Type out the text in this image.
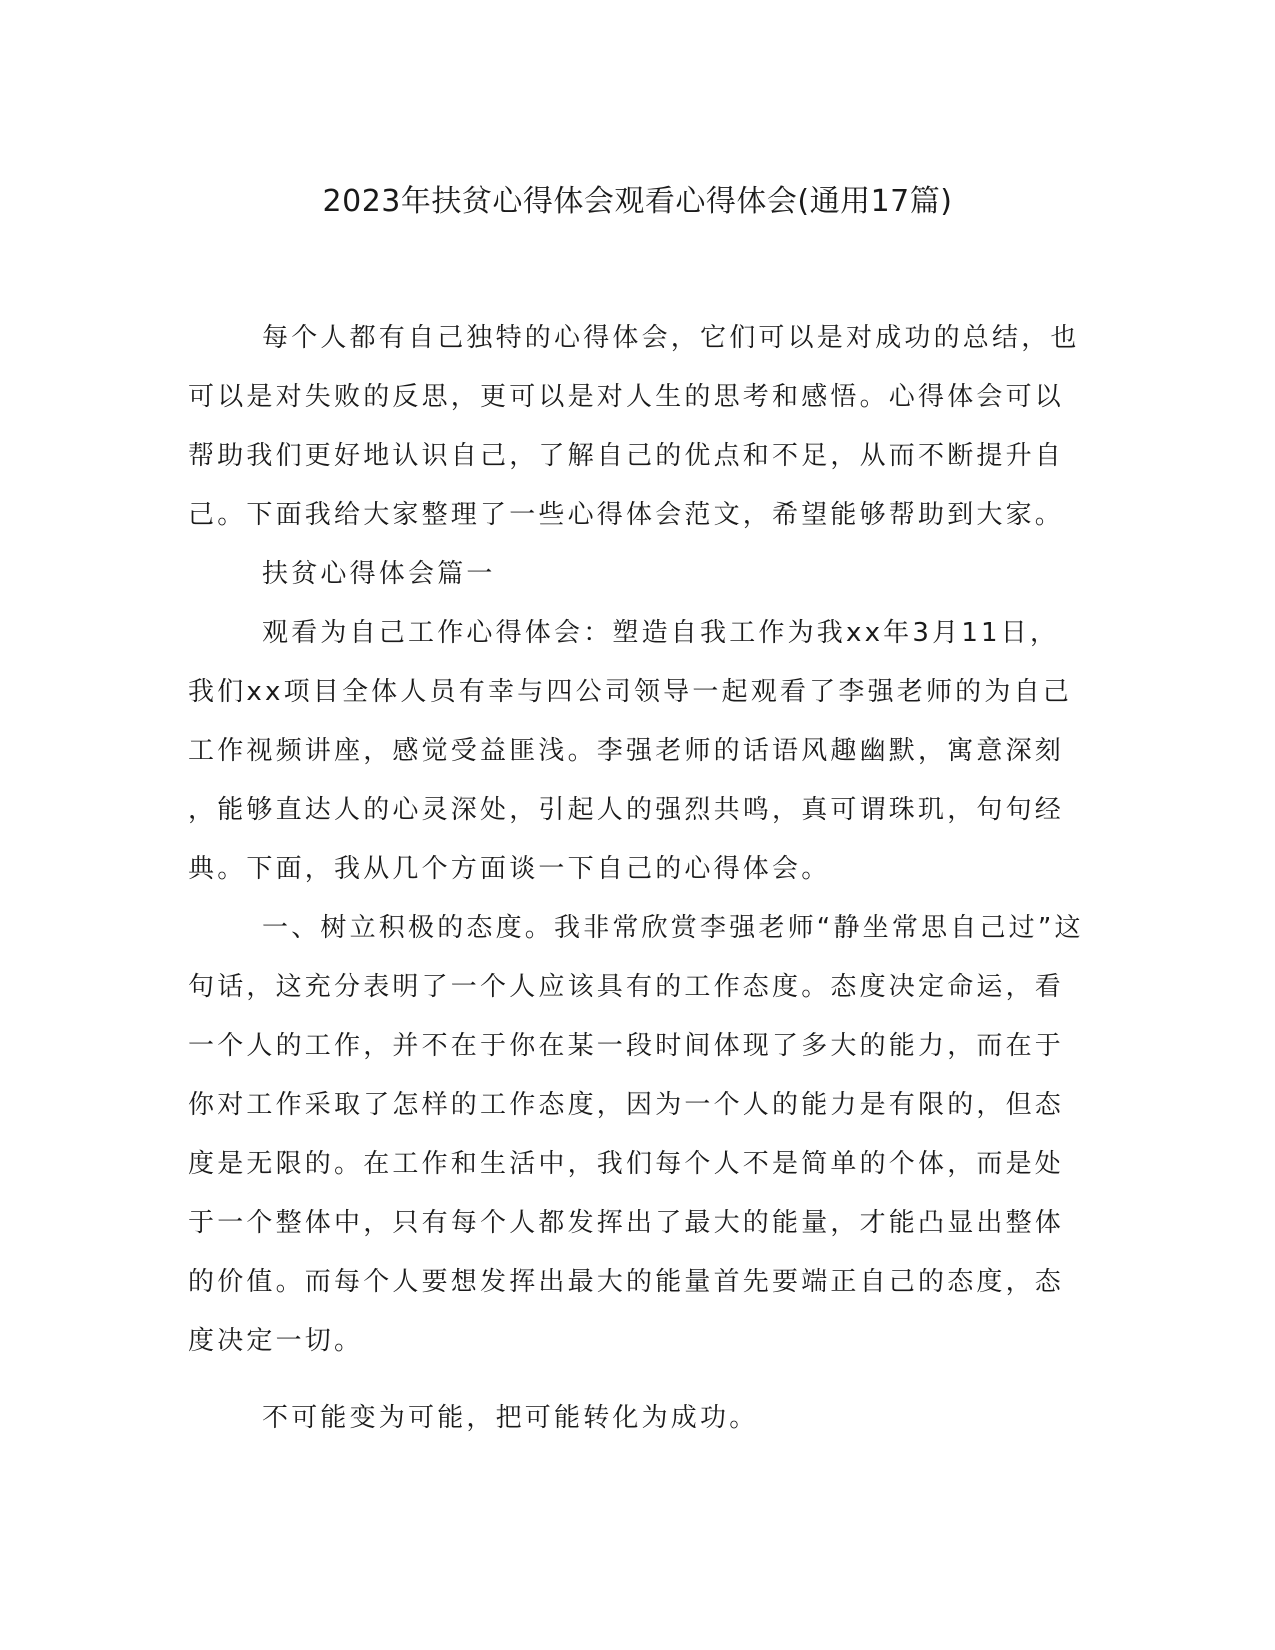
2023年扶贫心得体会观看心得体会(通用17篇)
每个人都有自己独特的心得体会，它们可以是对成功的总结，也
可以是对失败的反思，更可以是对人生的思考和感悟。心得体会可以
帮助我们更好地认识自己，了解自己的优点和不足，从而不断提升自
己。下面我给大家整理了一些心得体会范文，希望能够帮助到大家。
扶贫心得体会篇一
观看为自己工作心得体会：塑造自我工作为我xx年3月11日，
我们xx项目全体人员有幸与四公司领导一起观看了李强老师的为自己
工作视频讲座，感觉受益匪浅。李强老师的话语风趣幽默，寓意深刻
，能够直达人的心灵深处，引起人的强烈共鸣，真可谓珠玑，句句经
典。下面，我从几个方面谈一下自己的心得体会。
一、树立积极的态度。我非常欣赏李强老师“静坐常思自己过”这
句话，这充分表明了一个人应该具有的工作态度。态度决定命运，看
一个人的工作，并不在于你在某一段时间体现了多大的能力，而在于
你对工作采取了怎样的工作态度，因为一个人的能力是有限的，但态
度是无限的。在工作和生活中，我们每个人不是简单的个体，而是处
于一个整体中，只有每个人都发挥出了最大的能量，才能凸显出整体
的价值。而每个人要想发挥出最大的能量首先要端正自己的态度，态
度决定一切。
不可能变为可能，把可能转化为成功。
